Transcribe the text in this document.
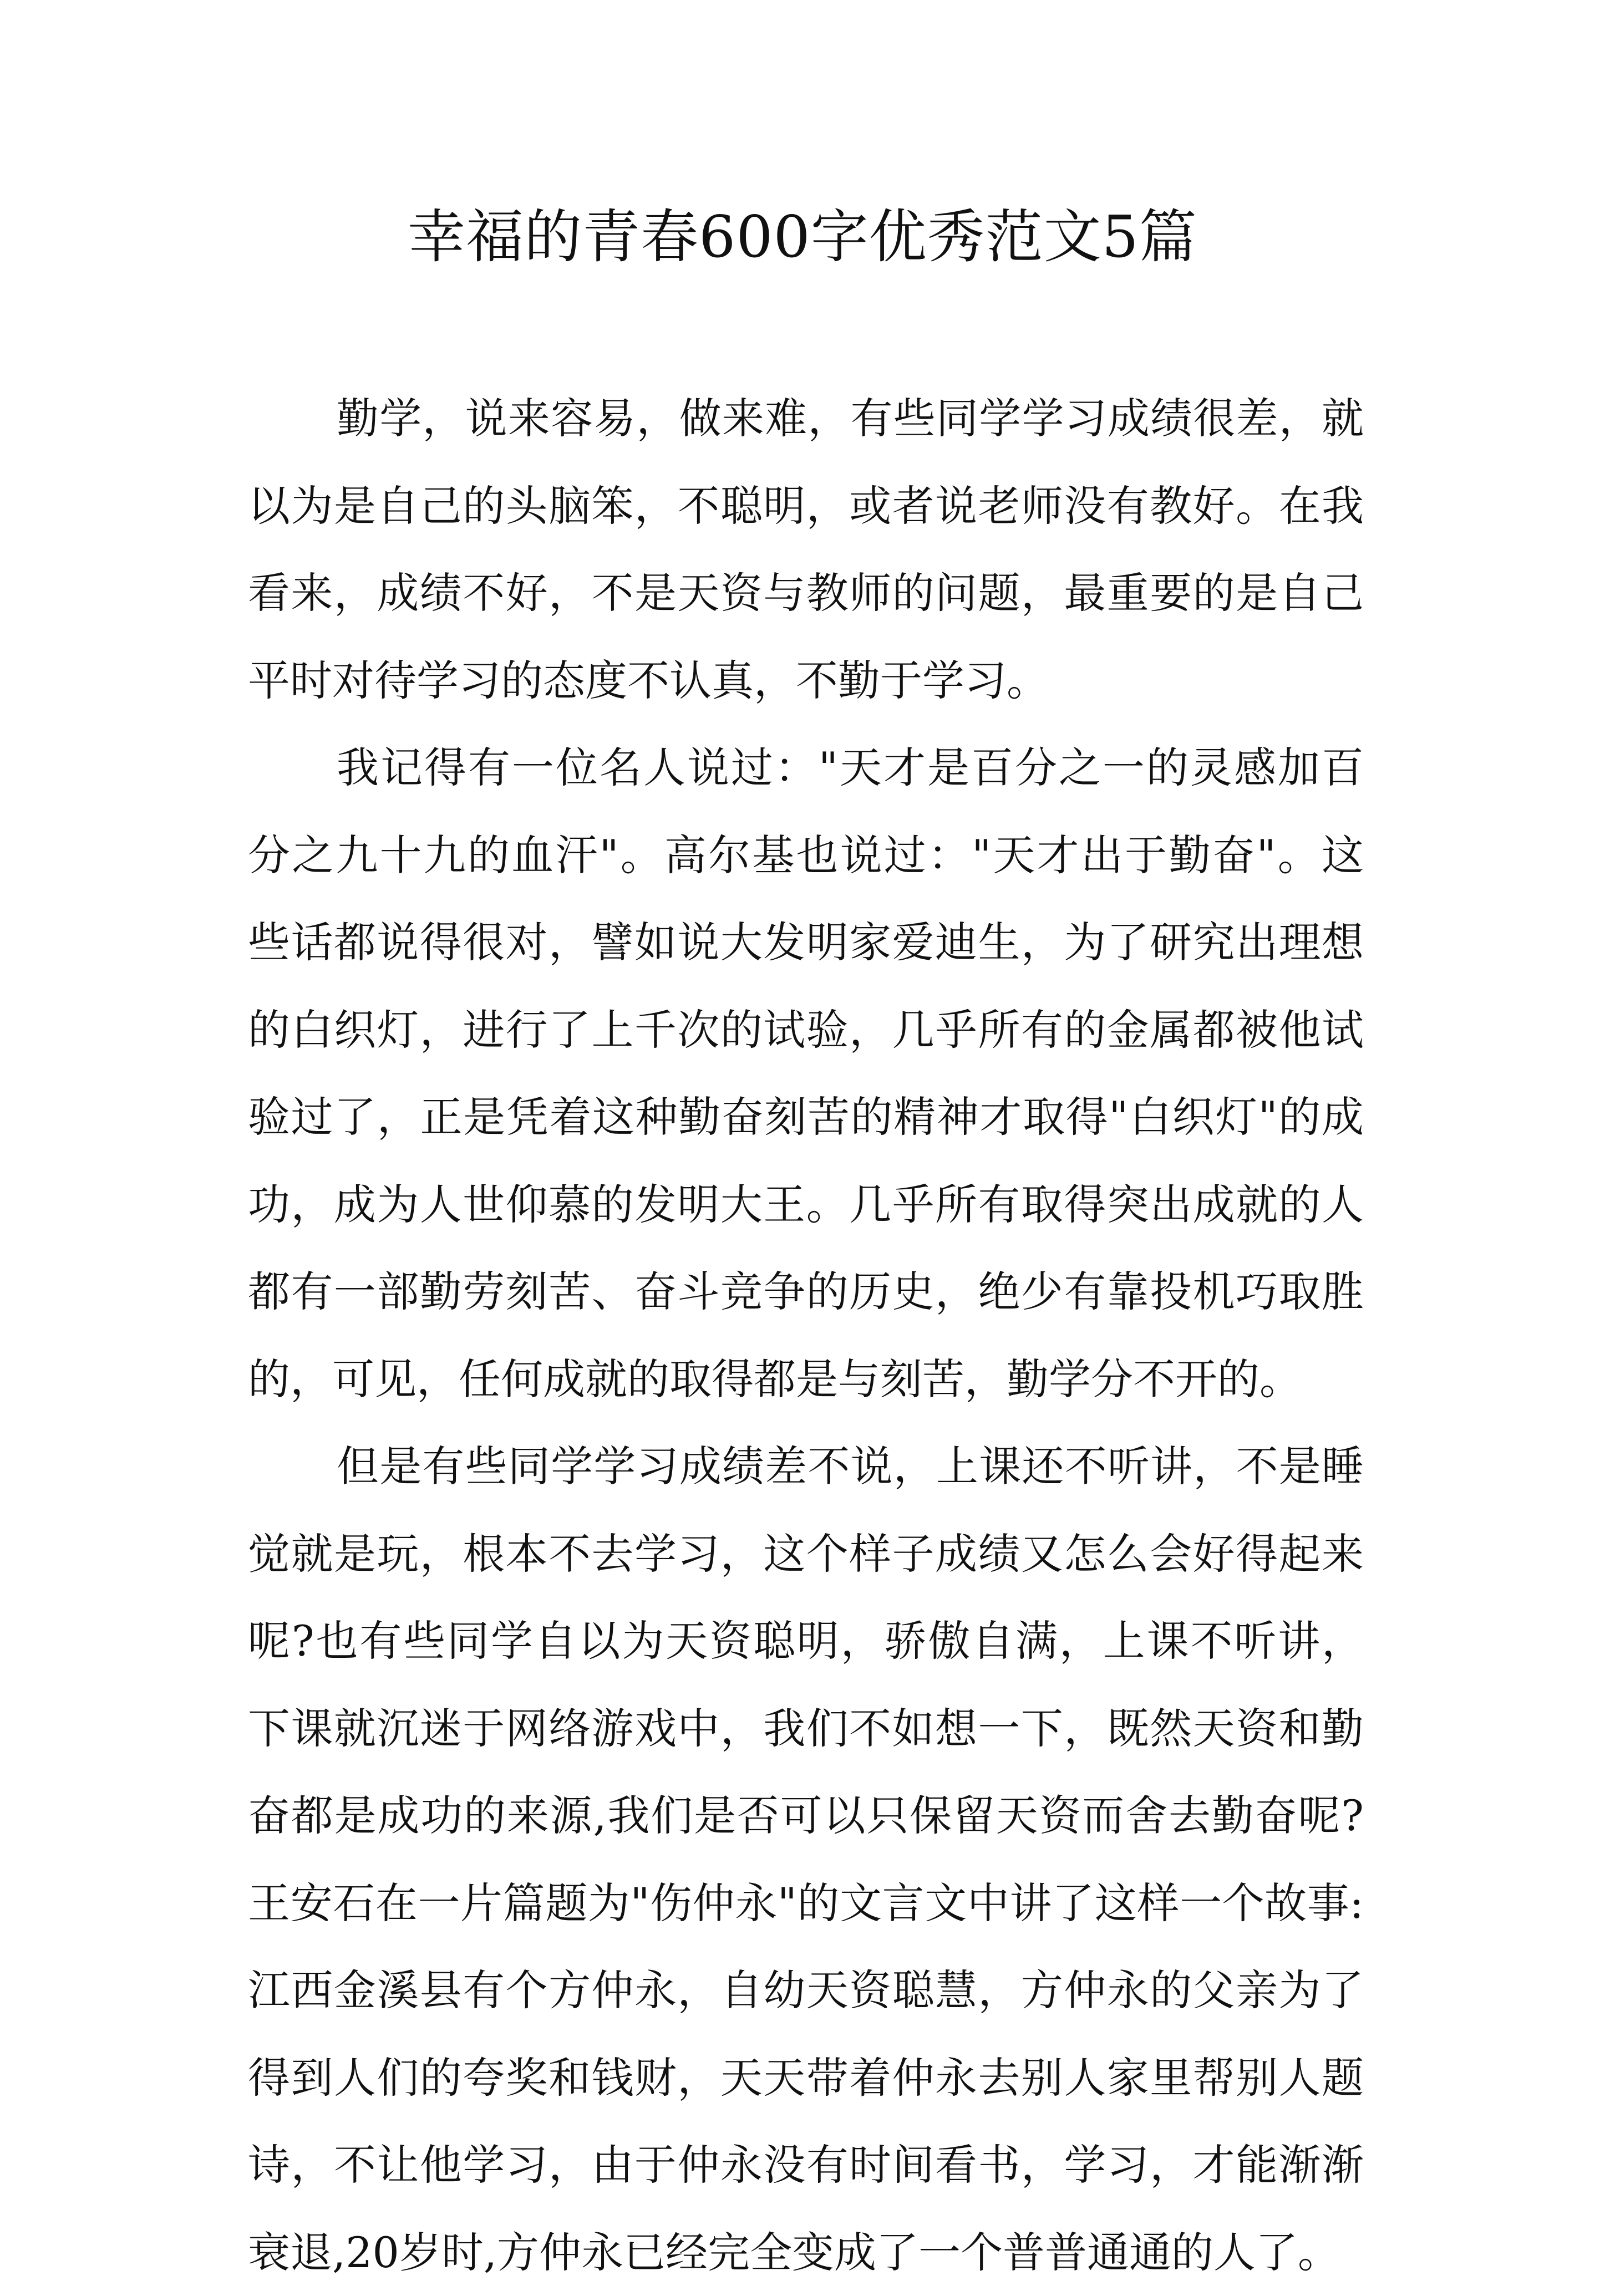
幸福的青春600字优秀范文5篇
勤学，说来容易，做来难，有些同学学习成绩很差，就
以为是自己的头脑笨，不聪明，或者说老师没有教好。在我
看来，成绩不好，不是天资与教师的问题，最重要的是自己
平时对待学习的态度不认真，不勤于学习。
我记得有一位名人说过："天才是百分之一的灵感加百
分之九十九的血汗"。高尔基也说过："天才出于勤奋"。这
些话都说得很对，譬如说大发明家爱迪生，为了研究出理想
的白织灯，进行了上千次的试验，几乎所有的金属都被他试
验过了，正是凭着这种勤奋刻苦的精神才取得"白织灯"的成
功，成为人世仰慕的发明大王。几乎所有取得突出成就的人
都有一部勤劳刻苦、奋斗竞争的历史，绝少有靠投机巧取胜
的，可见，任何成就的取得都是与刻苦，勤学分不开的。
但是有些同学学习成绩差不说，上课还不听讲，不是睡
觉就是玩，根本不去学习，这个样子成绩又怎么会好得起来
呢?也有些同学自以为天资聪明，骄傲自满，上课不听讲，
下课就沉迷于网络游戏中，我们不如想一下，既然天资和勤
奋都是成功的来源,我们是否可以只保留天资而舍去勤奋呢?
王安石在一片篇题为"伤仲永"的文言文中讲了这样一个故事:
江西金溪县有个方仲永，自幼天资聪慧，方仲永的父亲为了
得到人们的夸奖和钱财，天天带着仲永去别人家里帮别人题
诗，不让他学习，由于仲永没有时间看书，学习，才能渐渐
衰退,20岁时,方仲永已经完全变成了一个普普通通的人了。
